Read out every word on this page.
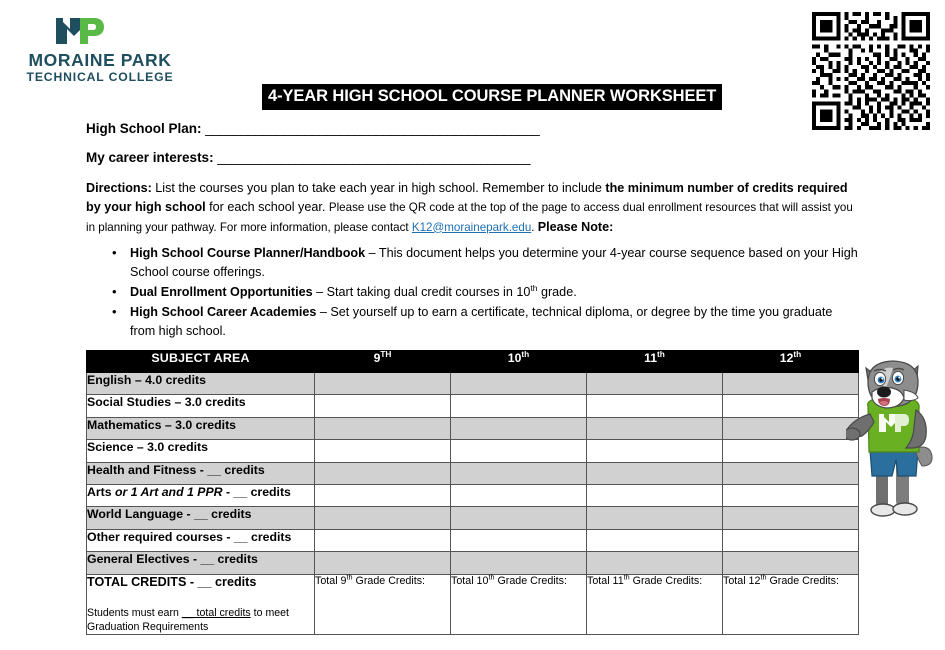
MORAINE PARK
TECHNICAL COLLEGE
4-YEAR HIGH SCHOOL COURSE PLANNER WORKSHEET
High School Plan: _______________________________________________
My career interests: ____________________________________________
Directions: List the courses you plan to take each year in high school. Remember to include the minimum number of credits required by your high school for each school year. Please use the QR code at the top of the page to access dual enrollment resources that will assist you in planning your pathway. For more information, please contact K12@morainepark.edu. Please Note:
• High School Course Planner/Handbook – This document helps you determine your 4-year course sequence based on your High School course offerings.
• Dual Enrollment Opportunities – Start taking dual credit courses in 10th grade.
• High School Career Academies – Set yourself up to earn a certificate, technical diploma, or degree by the time you graduate from high school.
SUBJECT AREA	9TH	10th	11th	12th
English – 4.0 credits				
Social Studies – 3.0 credits				
Mathematics – 3.0 credits				
Science – 3.0 credits				
Health and Fitness - __ credits				
Arts or 1 Art and 1 PPR - __ credits				
World Language - __ credits				
Other required courses - __ credits				
General Electives - __ credits				
TOTAL CREDITS - __ credits
Students must earn __ total credits to meet Graduation Requirements	Total 9th Grade Credits:	Total 10th Grade Credits:	Total 11th Grade Credits:	Total 12th Grade Credits:
